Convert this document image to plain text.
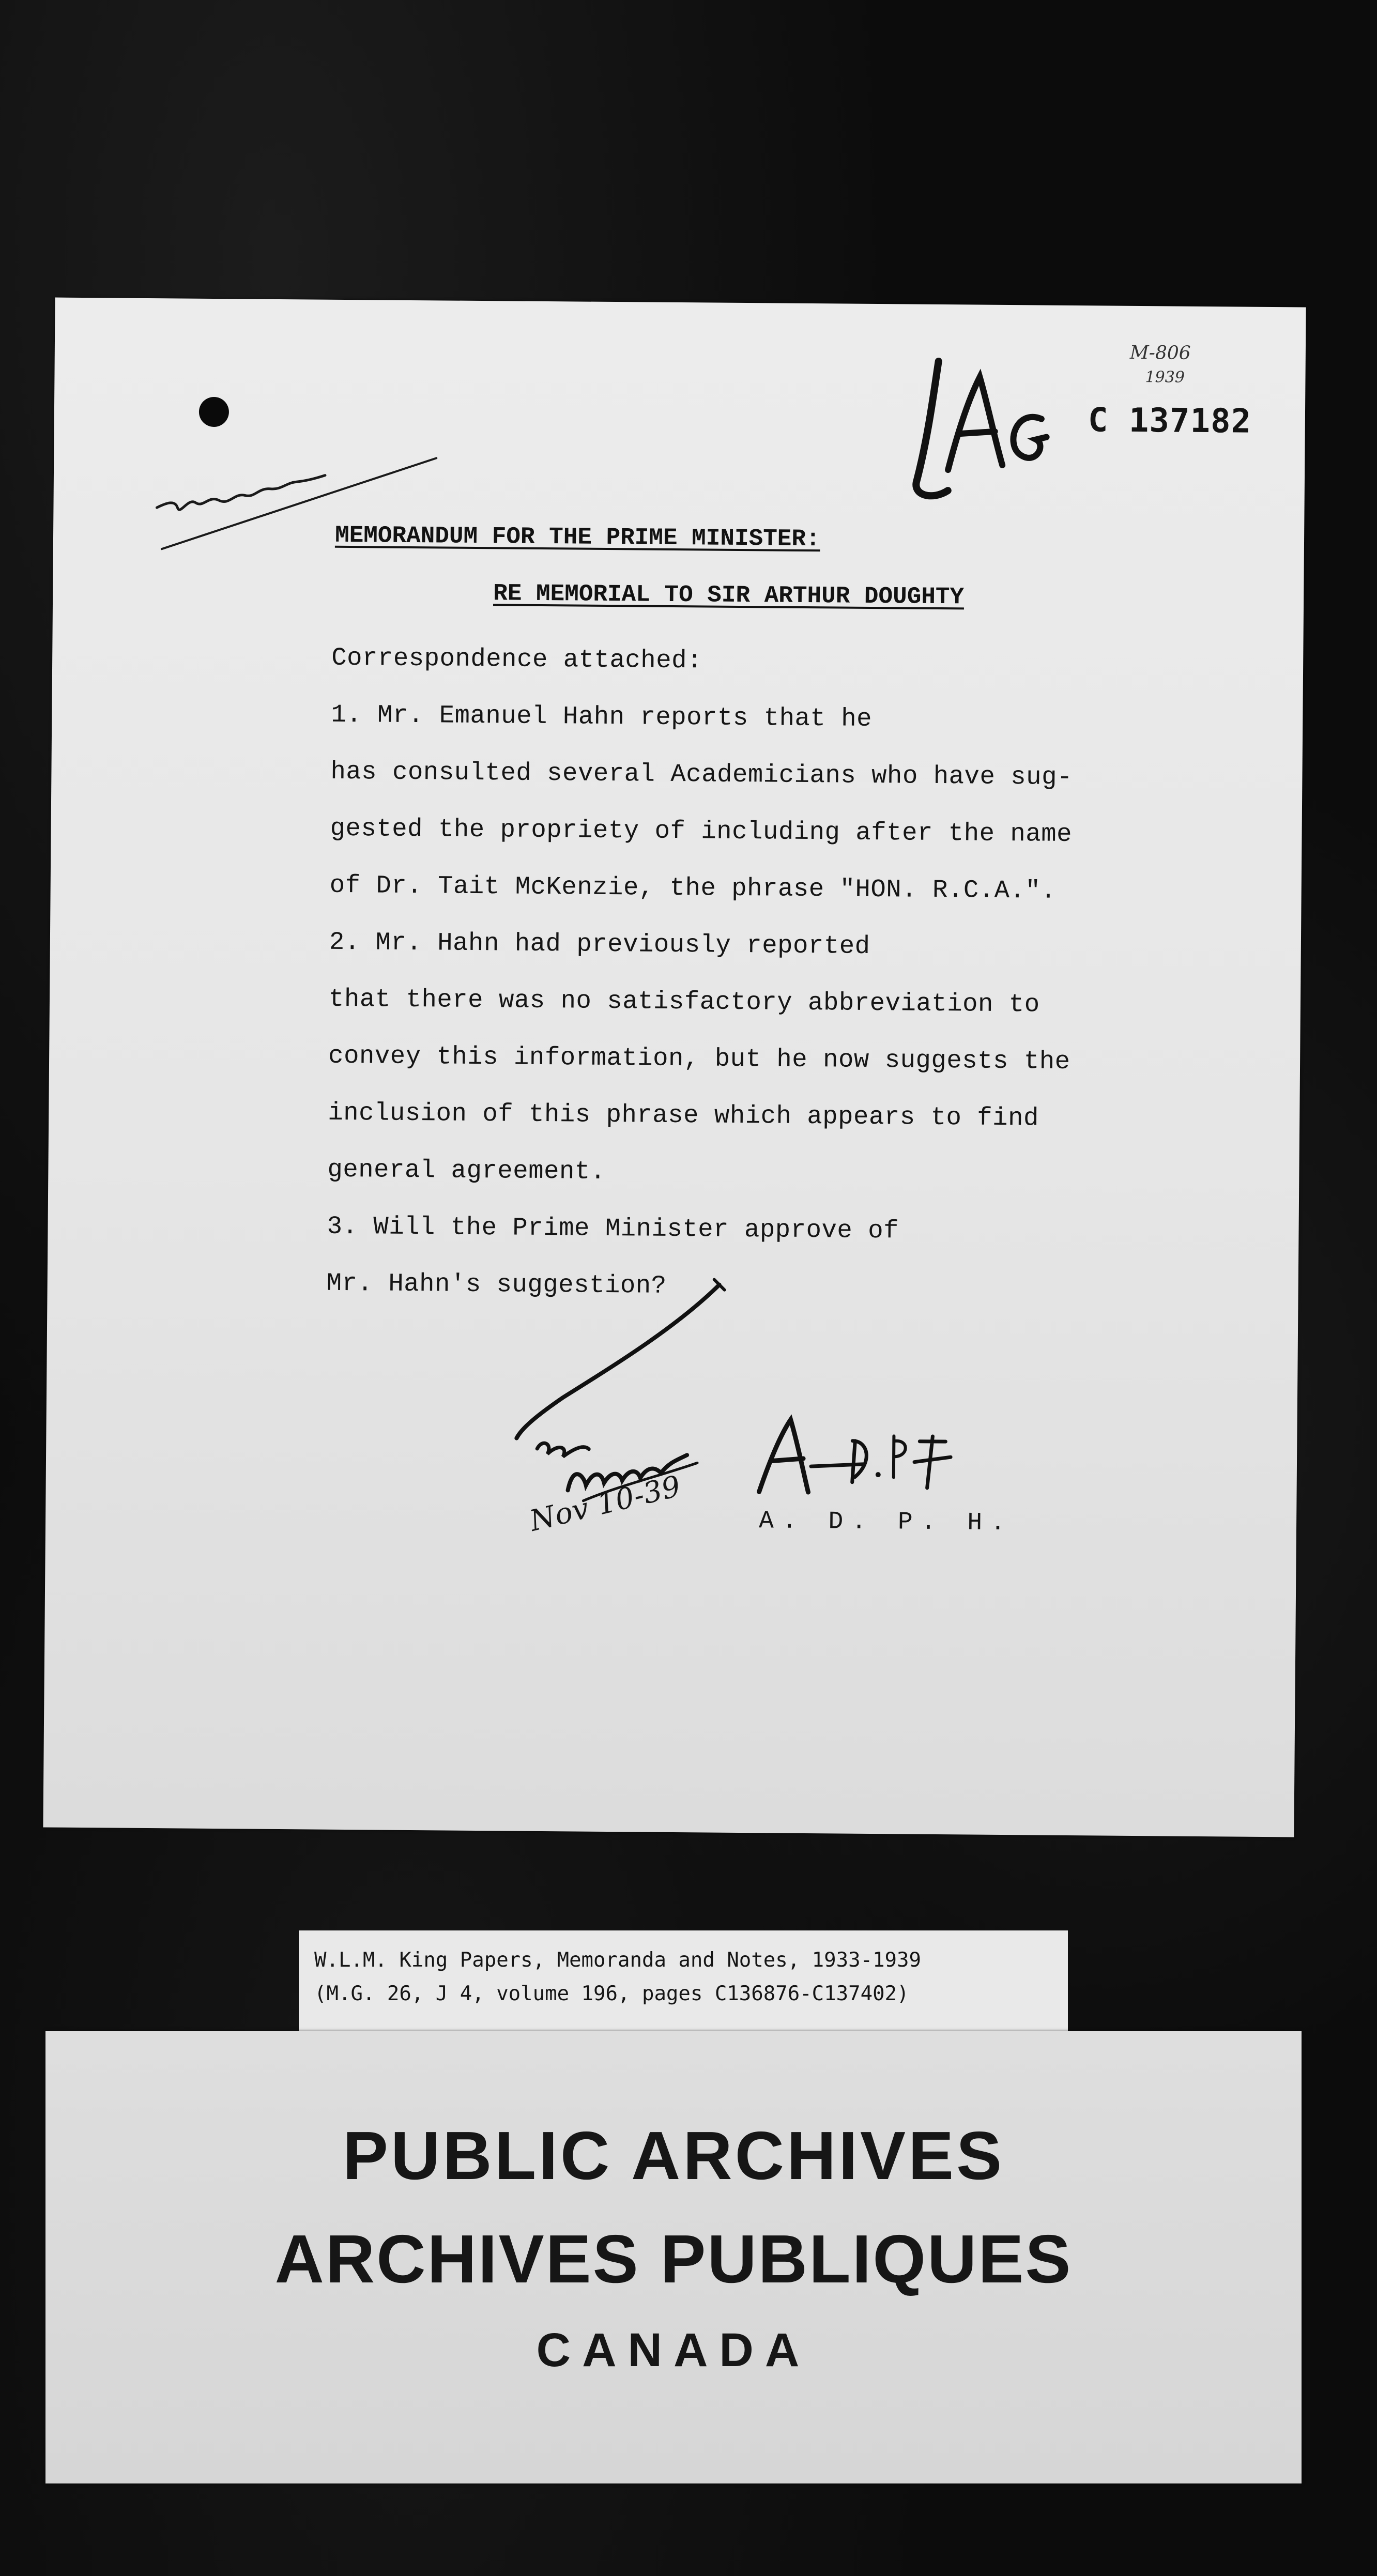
M-806
1939
C 137182
MEMORANDUM FOR THE PRIME MINISTER:
RE MEMORIAL TO SIR ARTHUR DOUGHTY
Correspondence attached:
1. Mr. Emanuel Hahn reports that he
has consulted several Academicians who have sug-
gested the propriety of including after the name
of Dr. Tait McKenzie, the phrase "HON. R.C.A.".
2. Mr. Hahn had previously reported
that there was no satisfactory abbreviation to
convey this information, but he now suggests the
inclusion of this phrase which appears to find
general agreement.
3. Will the Prime Minister approve of
Mr. Hahn's suggestion?
Nov 10-39	A. D. P. H.
W.L.M. King Papers, Memoranda and Notes, 1933-1939
(M.G. 26, J 4, volume 196, pages C136876-C137402)
PUBLIC ARCHIVES
ARCHIVES PUBLIQUES
CANADA
